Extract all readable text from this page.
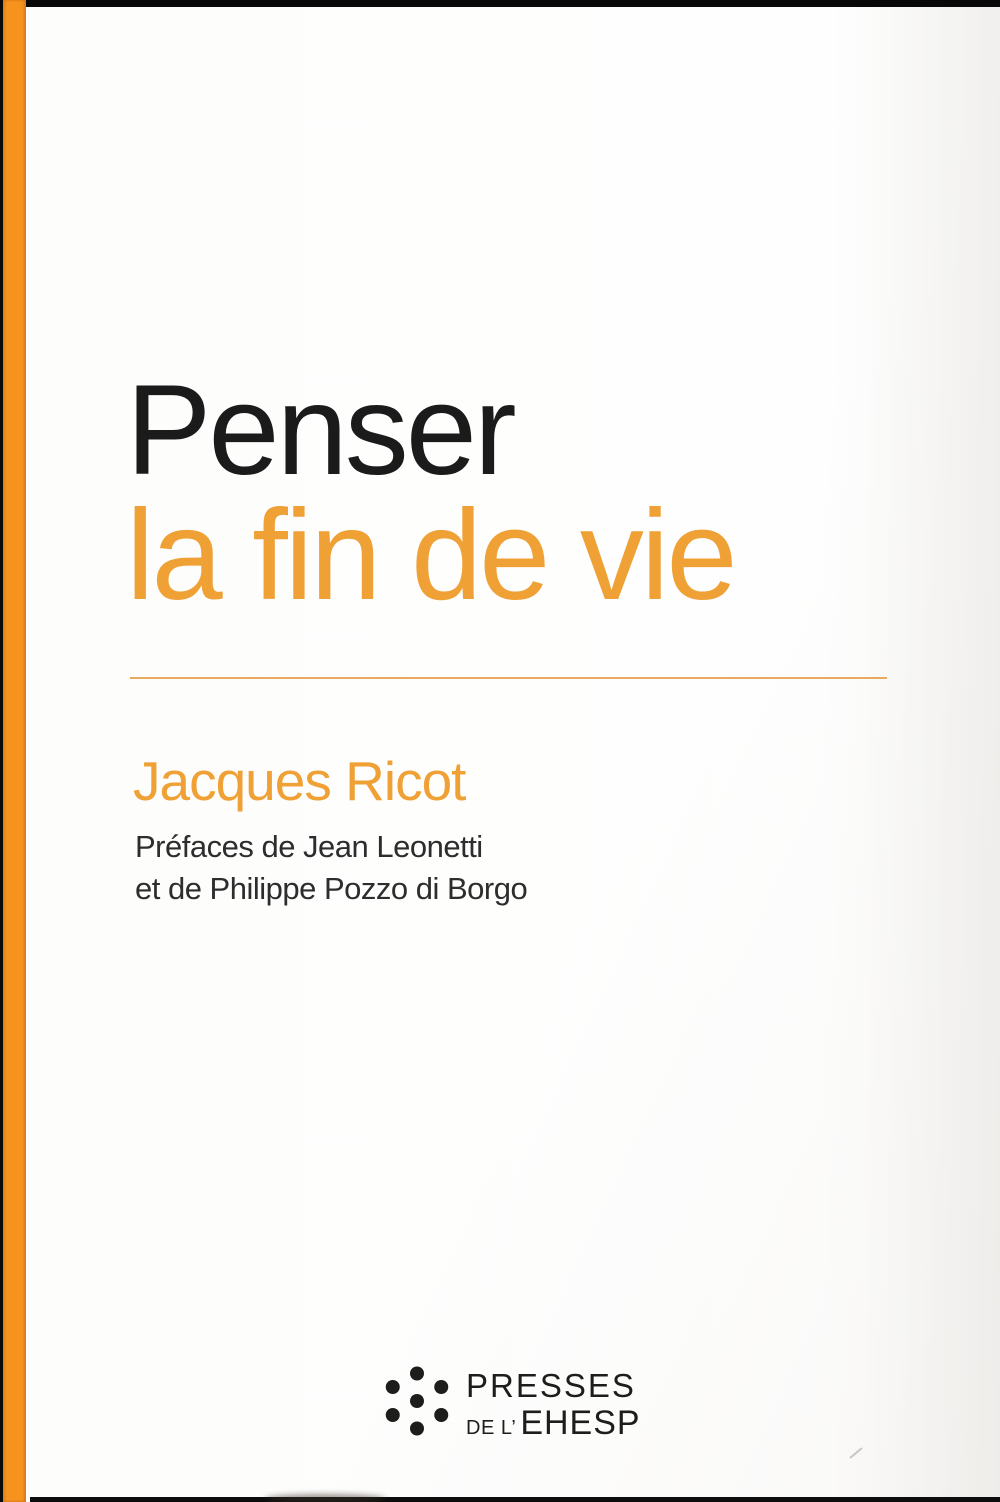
Penser
la fin de vie
Jacques Ricot
Préfaces de Jean Leonetti
et de Philippe Pozzo di Borgo
PRESSES
DE L’ EHESP
